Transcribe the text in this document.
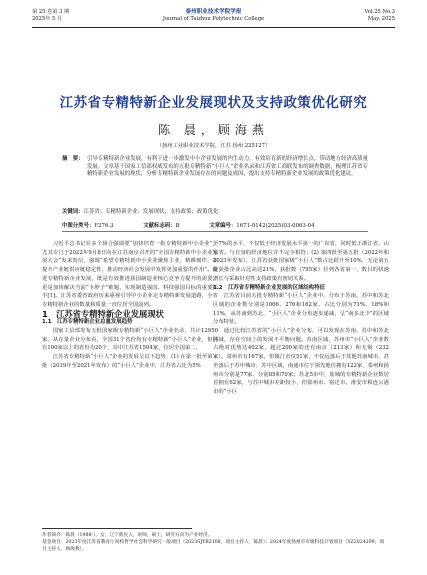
第 25 卷第 3 期
2025年 5 月
泰州职业技术学院学报
Journal of Taizhou Polytechnic College
Vol.25 No.3
May. 2025
江苏省专精特新企业发展现状及支持政策优化研究
陈 晨，顾海燕
（扬州工业职业技术学院，江苏 扬州 225127）
摘　要： 引导专精特新企业发展，有利于进一步激发中小企业发展的内生动力，有效培育新的经济增长点，带动地方经济高质量发展。文章基于国家工信部权威发布的五批专精特新“小巨人”企业名录和江苏省工商联发布的调查数据，梳理江苏省专精特新企业发展的现状，分析专精特新企业发展存在的问题及成因，提出支持专精特新企业发展的政策优化建议。
关键词：江苏省；专精特新企业；发展现状；支持政策；政策优化
中图分类号：F276.3	文献标志码：B	文章编号：1671-0142(2025)03-0063-04

习近平总书记在多个场合强调要“加快培育一批专精特新中小企业”，尤其专门于2022年9月8日向在江苏南京召开的“全国专精特新中小企业发展大会”发来贺信，强调“希望专精特新中小企业聚焦主业，精耕细作，在提升产业链供应链稳定性、推动经济社会发展中发挥更加重要的作用”。促进专精特新企业发展，既是有效推进我国制造业核心竞争力提升的需要，更是加快解决当前“卡脖子”难题、实现制造强国、科技强国目标的重要抓手[1]。江苏省委省政府历来重视引导中小企业走专精特新发展道路，全省专精特新企业的数量和质量一直位居全国前列。

1　江苏省专精特新企业发展现状

1.1　江苏专精特新企业总量发展趋势

国家工信部发布五批国家级专精特新“小巨人”企业名录，共计12950家。从存量企业分布看，全国31个省份均有专精特新“小巨人”企业，但拥有100家以上的省份为20个，其中江苏省1504家，位居全国第二。

江苏省专精特新“小巨人”企业的发展呈以下趋势：(1) 在第一批至第三批（2019年至2021年发布）的“小巨人”企业中，江苏省占比为5%

至7%的水平，不仅低于经济发展水平第一的广东省，同时低于浙江省、山东省。与自身的经济地位并不完全相符；(2) 第四批至第五批（2022年和2023年发布），江苏省获批国家级“小巨人”数占比跃升至10%，无论第五批获批企业占比高达21%，获批数（795家）位列各省第一，数目的快速增长与采取针对性支持政策有密切关系。

1.2　江苏省专精特新企业发展的区域结构特征

江苏省目前五批专精特新“小巨人”企业中，分布于苏南、苏中和苏北区域的企业数分别是1066、276和162家，占比分别为71%、18%和11%，从苏南到苏北，“小巨人”企业分布逐步递减，呈“南多北少”的区域分布特征。

通过比较江苏省的“小巨人”企业分布，可以发现在苏南、苏中和苏北区域，存在空间上的发展不平衡问题。苏南区域，苏州市“小巨人”企业数占绝对优势达402家，超过200家的还有南京（213家）和无锡（232家）。常州市有167家，但镇江市仅51家，不仅远落后于其他苏南城市，甚至落后于苏中城市；苏中区域，南通市位于领先地位拥有122家，泰州和扬州市分别是77家、分别85和70家；苏北5市中，盐城的专精特新企业数居首拥有62家，与苏中城市差距较小，但徐州市、宿迁市、淮安市和连云港市的“小巨

作者简介：陈晨（1988-），女，辽宁新民人，讲师，硕士，研究方向为产业经济。

基金项目：2023年度江苏省教育厅高校哲学社会科学研究一般项目（2023SJYB2108，项目主持人：陈晨）；2024年度扬州市市级科技计划项目（YZ2024299，项目主持人：顾海燕）。
